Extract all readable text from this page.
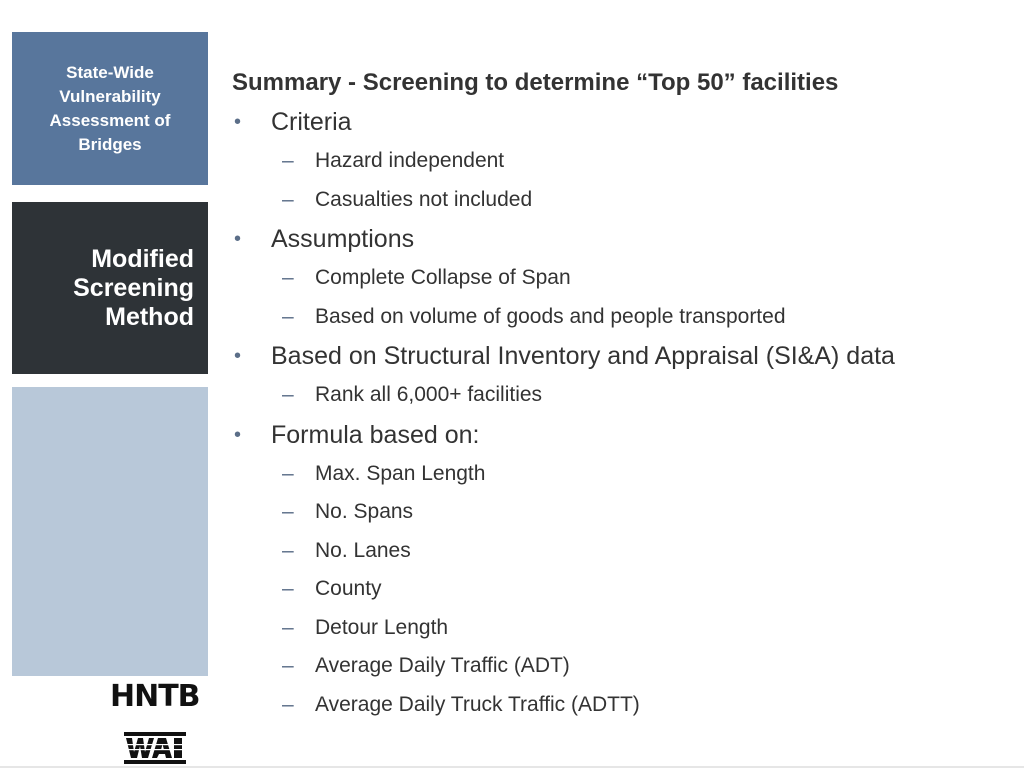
State-Wide Vulnerability Assessment of Bridges
Modified Screening Method
HNTB
Summary - Screening to determine “Top 50” facilities
• Criteria
– Hazard independent
– Casualties not included
• Assumptions
– Complete Collapse of Span
– Based on volume of goods and people transported
• Based on Structural Inventory and Appraisal (SI&A) data
– Rank all 6,000+ facilities
• Formula based on:
– Max. Span Length
– No. Spans
– No. Lanes
– County
– Detour Length
– Average Daily Traffic (ADT)
– Average Daily Truck Traffic (ADTT)
